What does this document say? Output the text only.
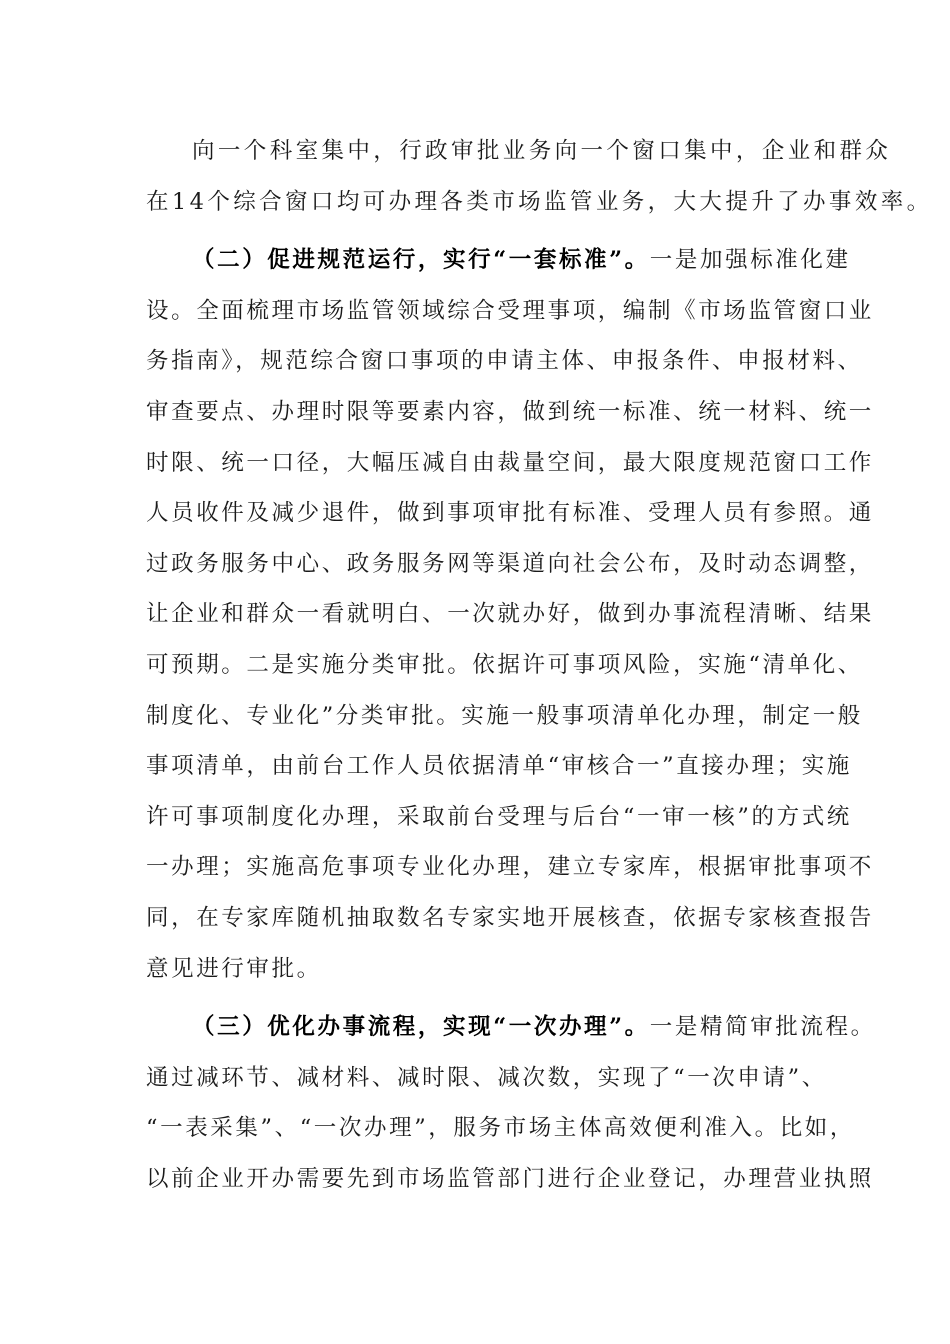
向一个科室集中，行政审批业务向一个窗口集中，企业和群众
在14个综合窗口均可办理各类市场监管业务，大大提升了办事效率。
（二）促进规范运行，实行“一套标准”。一是加强标准化建
设。全面梳理市场监管领域综合受理事项，编制《市场监管窗口业
务指南》，规范综合窗口事项的申请主体、申报条件、申报材料、
审查要点、办理时限等要素内容，做到统一标准、统一材料、统一
时限、统一口径，大幅压减自由裁量空间，最大限度规范窗口工作
人员收件及减少退件，做到事项审批有标准、受理人员有参照。通
过政务服务中心、政务服务网等渠道向社会公布，及时动态调整，
让企业和群众一看就明白、一次就办好，做到办事流程清晰、结果
可预期。二是实施分类审批。依据许可事项风险，实施“清单化、
制度化、专业化”分类审批。实施一般事项清单化办理，制定一般
事项清单，由前台工作人员依据清单“审核合一”直接办理；实施
许可事项制度化办理，采取前台受理与后台“一审一核”的方式统
一办理；实施高危事项专业化办理，建立专家库，根据审批事项不
同，在专家库随机抽取数名专家实地开展核查，依据专家核查报告
意见进行审批。
（三）优化办事流程，实现“一次办理”。一是精简审批流程。
通过减环节、减材料、减时限、减次数，实现了“一次申请”、
“一表采集”、“一次办理”，服务市场主体高效便利准入。比如，
以前企业开办需要先到市场监管部门进行企业登记，办理营业执照
